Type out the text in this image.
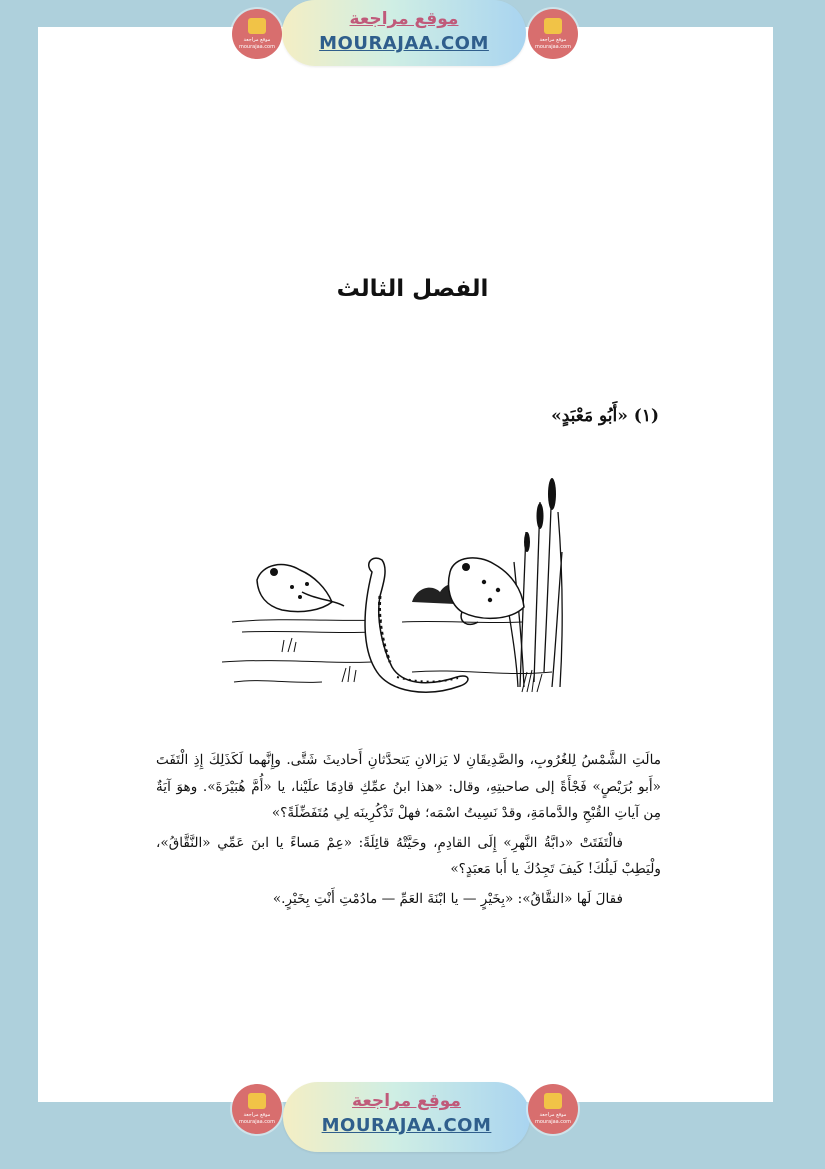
موقع مراجعة
mourajaa.com
موقع مراجعة
MOURAJAA.COM	موقع مراجعة
mourajaa.com
الفصل الثالث
(١) «أَبُو مَعْبَدٍ»

مالَتِ الشَّمْسُ لِلغُرُوبِ، والصَّدِيقَانِ لا يَزالانِ يَتحدَّثانِ أَحاديثَ شَتَّى. وإِنَّهما لَكَذَلِكَ إِذِ الْتَفَتَ «أَبو بُرَيْصٍ» فَجْأَةً إلى صاحبتِهِ، وقال: «هذا ابنُ عمِّكِ قادِمًا علَيْنا، يا «أُمَّ هُبَيْرَةَ». وهوَ آيَةٌ مِن آياتِ القُبْحِ والدَّمامَةِ، وقدْ نَسِيتُ اسْمَه؛ فهلْ تَذْكُرِينَه لِي مُتَفَضِّلَةً؟»

فالْتَفَتَتْ «دابَّةُ النَّهرِ» إِلَى القادِمِ، وحَيَّتْهُ قائِلَةً: «عِمْ مَساءً يا ابنَ عَمِّي «النَّقَّاقُ»، ولْيَطِبْ لَيلُكَ! كَيفَ تَجِدُكَ يا أَبا مَعبَدٍ؟»

فقالَ لَها «النقَّاقُ»: «بِخَيْرٍ — يا ابْنَةَ العَمِّ — مادُمْتِ أَنْتِ بِخَيْرٍ.»

موقع مراجعة
mourajaa.com
موقع مراجعة
MOURAJAA.COM	موقع مراجعة
mourajaa.com
